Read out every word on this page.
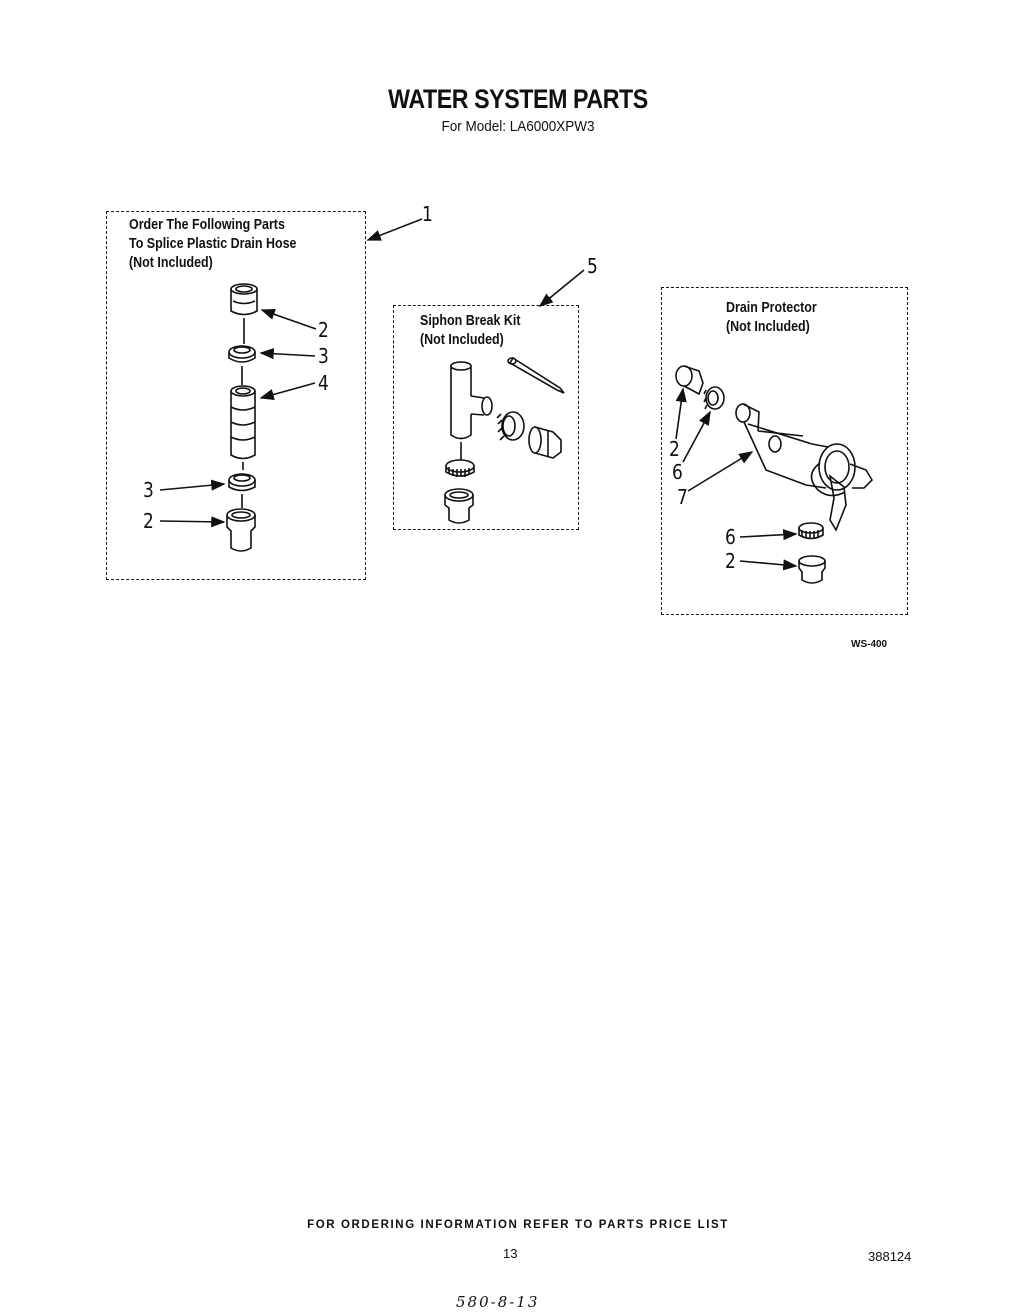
WATER SYSTEM PARTS
For Model: LA6000XPW3
Order The Following Parts
To Splice Plastic Drain Hose
(Not Included)
1
Siphon Break Kit
(Not Included)
5
Drain Protector
(Not Included)
2
3
4
3
2
2
6
7
6
2
WS-400
FOR ORDERING INFORMATION REFER TO PARTS PRICE LIST
13	388124
580-8-13
